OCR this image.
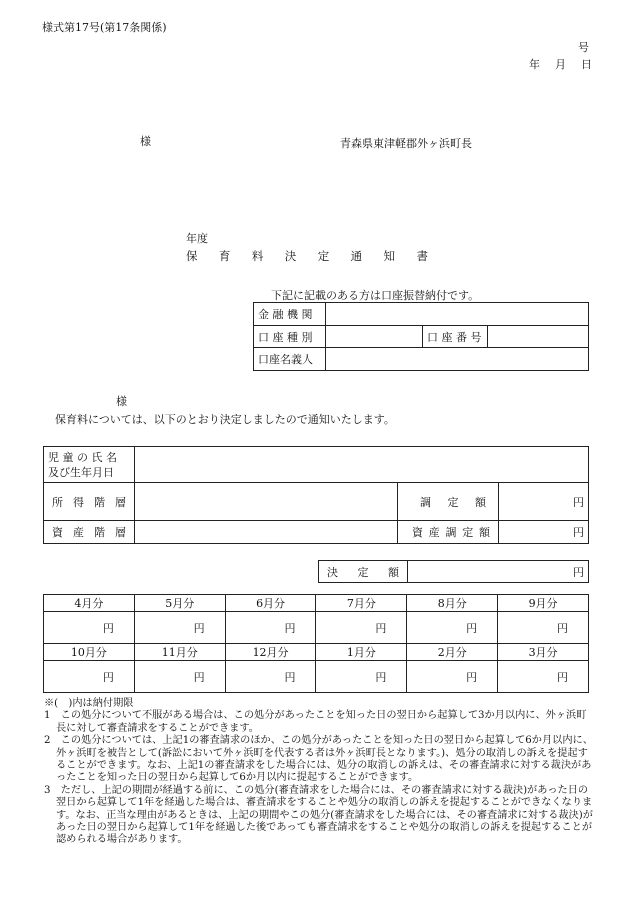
様式第17号(第17条関係)
号
年　月　日
様	青森県東津軽郡外ヶ浜町長
年度
保 育 料 決 定 通 知 書
下記に記載のある方は口座振替納付です。
金 融 機 関			
口 座 種 別		口 座 番 号	
口座名義人			
様
保育料については、以下のとおり決定しましたので通知いたします。
児 童 の 氏 名
及び生年月日			

所 得 階 層		調 定 額	円

資 産 階 層		資 産 調 定 額	円
決 定 額	円
4月分	5月分	6月分	7月分	8月分	9月分
円	円	円	円	円	円
10月分	11月分	12月分	1月分	2月分	3月分
円	円	円	円	円	円

※(　)内は納付期限

1　この処分について不服がある場合は、この処分があったことを知った日の翌日から起算して3か月以内に、外ヶ浜町長に対して審査請求をすることができます。

2　この処分については、上記1の審査請求のほか、この処分があったことを知った日の翌日から起算して6か月以内に、外ヶ浜町を被告として(訴訟において外ヶ浜町を代表する者は外ヶ浜町長となります。)、処分の取消しの訴えを提起することができます。なお、上記1の審査請求をした場合には、処分の取消しの訴えは、その審査請求に対する裁決があったことを知った日の翌日から起算して6か月以内に提起することができます。

3　ただし、上記の期間が経過する前に、この処分(審査請求をした場合には、その審査請求に対する裁決)があった日の翌日から起算して1年を経過した場合は、審査請求をすることや処分の取消しの訴えを提起することができなくなります。なお、正当な理由があるときは、上記の期間やこの処分(審査請求をした場合には、その審査請求に対する裁決)があった日の翌日から起算して1年を経過した後であっても審査請求をすることや処分の取消しの訴えを提起することが認められる場合があります。
